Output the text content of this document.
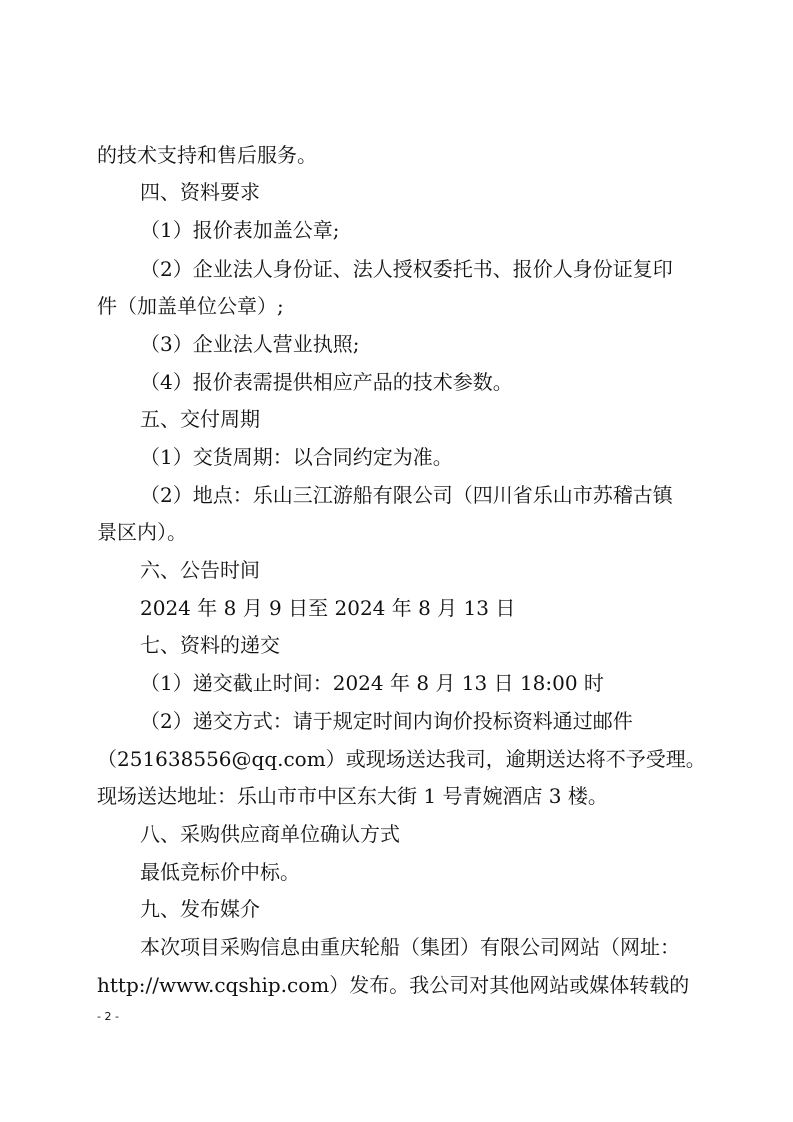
的技术支持和售后服务。
四、资料要求
（1）报价表加盖公章;
（2）企业法人身份证、法人授权委托书、报价人身份证复印
件（加盖单位公章）;
（3）企业法人营业执照;
（4）报价表需提供相应产品的技术参数。
五、交付周期
（1）交货周期：以合同约定为准。
（2）地点：乐山三江游船有限公司（四川省乐山市苏稽古镇
景区内）。
六、公告时间
2024 年 8 月 9 日至 2024 年 8 月 13 日
七、资料的递交
（1）递交截止时间：2024 年 8 月 13 日 18:00 时
（2）递交方式：请于规定时间内询价投标资料通过邮件
（251638556@qq.com）或现场送达我司，逾期送达将不予受理。
现场送达地址：乐山市市中区东大街 1 号青婉酒店 3 楼。
八、采购供应商单位确认方式
最低竞标价中标。
九、发布媒介
本次项目采购信息由重庆轮船（集团）有限公司网站（网址：
http://www.cqship.com）发布。我公司对其他网站或媒体转载的
- 2 -
